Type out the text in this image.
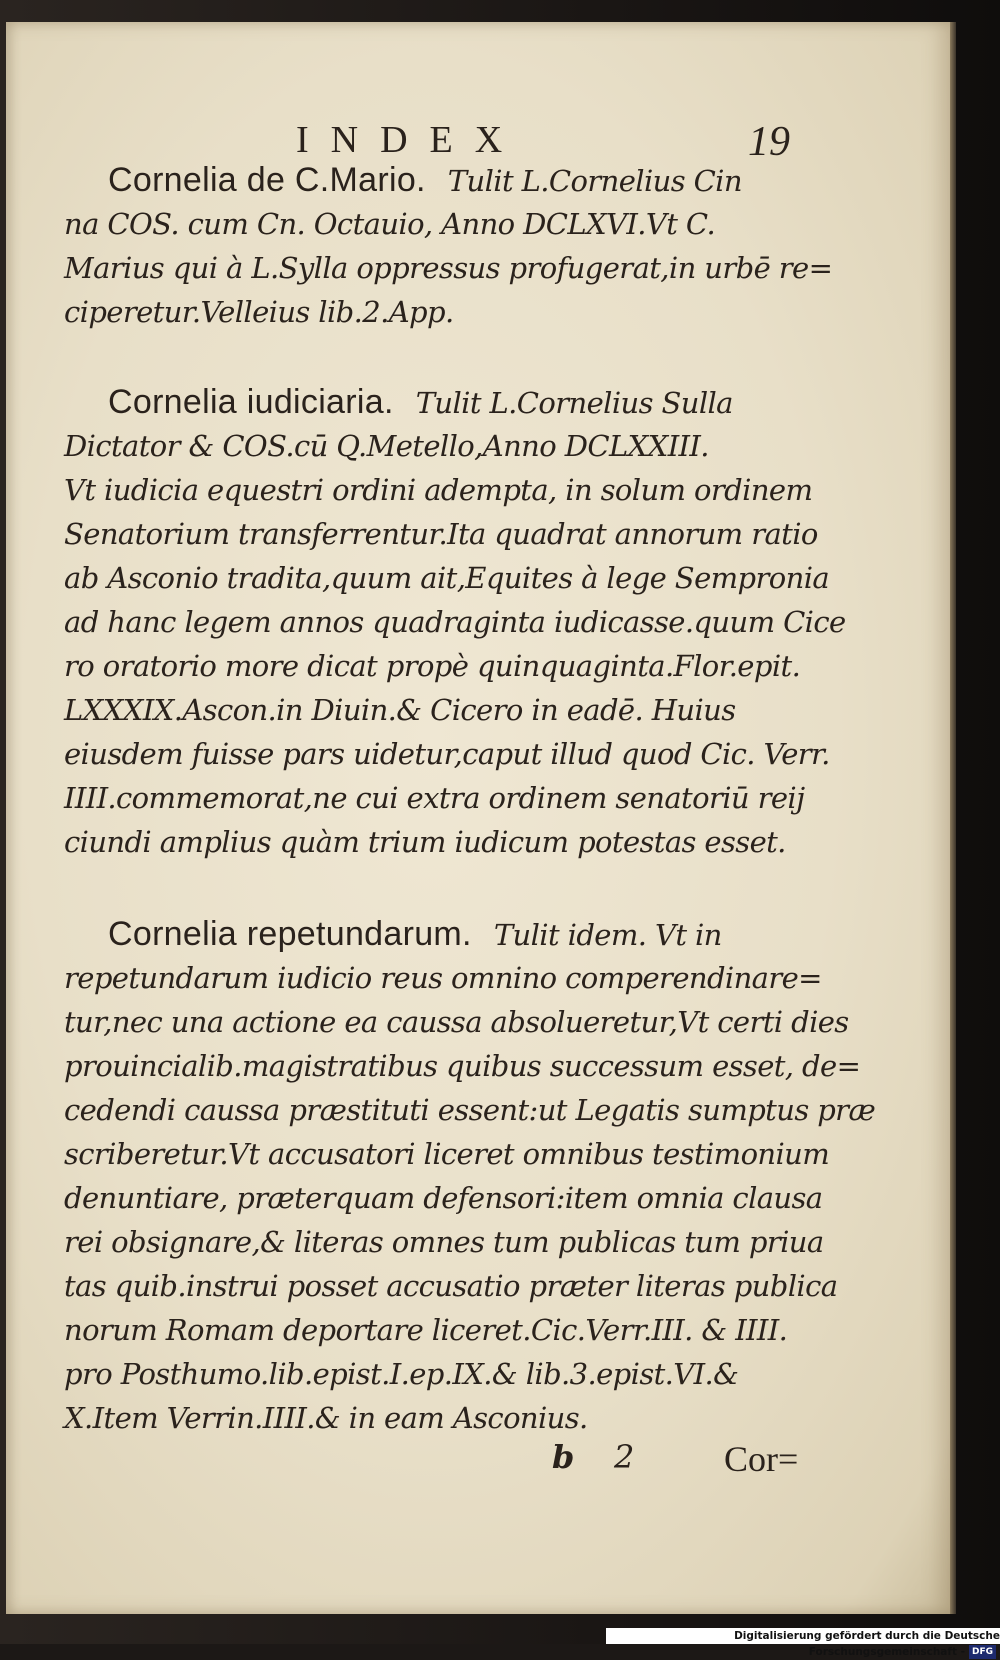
INDEX	19
Cornelia de C.Mario. Tulit L.Cornelius Cin
na COS. cum Cn. Octauio, Anno DCLXVI.Vt C.
Marius qui à L.Sylla oppressus profugerat,in urbē re=
ciperetur.Velleius lib.2.App.
Cornelia iudiciaria. Tulit L.Cornelius Sulla
Dictator & COS.cū Q.Metello,Anno DCLXXIII.
Vt iudicia equestri ordini adempta, in solum ordinem
Senatorium transferrentur.Ita quadrat annorum ratio
ab Asconio tradita,quum ait,Equites à lege Sempronia
ad hanc legem annos quadraginta iudicasse.quum Cice
ro oratorio more dicat propè quinquaginta.Flor.epit.
LXXXIX.Ascon.in Diuin.& Cicero in eadē. Huius
eiusdem fuisse pars uidetur,caput illud quod Cic. Verr.
IIII.commemorat,ne cui extra ordinem senatoriū reij
ciundi amplius quàm trium iudicum potestas esset.
Cornelia repetundarum. Tulit idem. Vt in
repetundarum iudicio reus omnino comperendinare=
tur,nec una actione ea caussa absolueretur,Vt certi dies
prouincialib.magistratibus quibus successum esset, de=
cedendi caussa præstituti essent:ut Legatis sumptus præ
scriberetur.Vt accusatori liceret omnibus testimonium
denuntiare, præterquam defensori:item omnia clausa
rei obsignare,& literas omnes tum publicas tum priua
tas quib.instrui posset accusatio præter literas publica
norum Romam deportare liceret.Cic.Verr.III. & IIII.
pro Posthumo.lib.epist.I.ep.IX.& lib.3.epist.VI.&
X.Item Verrin.IIII.& in eam Asconius.
b 2 Cor=
Digitalisierung gefördert durch die Deutsche Forschungsgemeinschaft - DFG
